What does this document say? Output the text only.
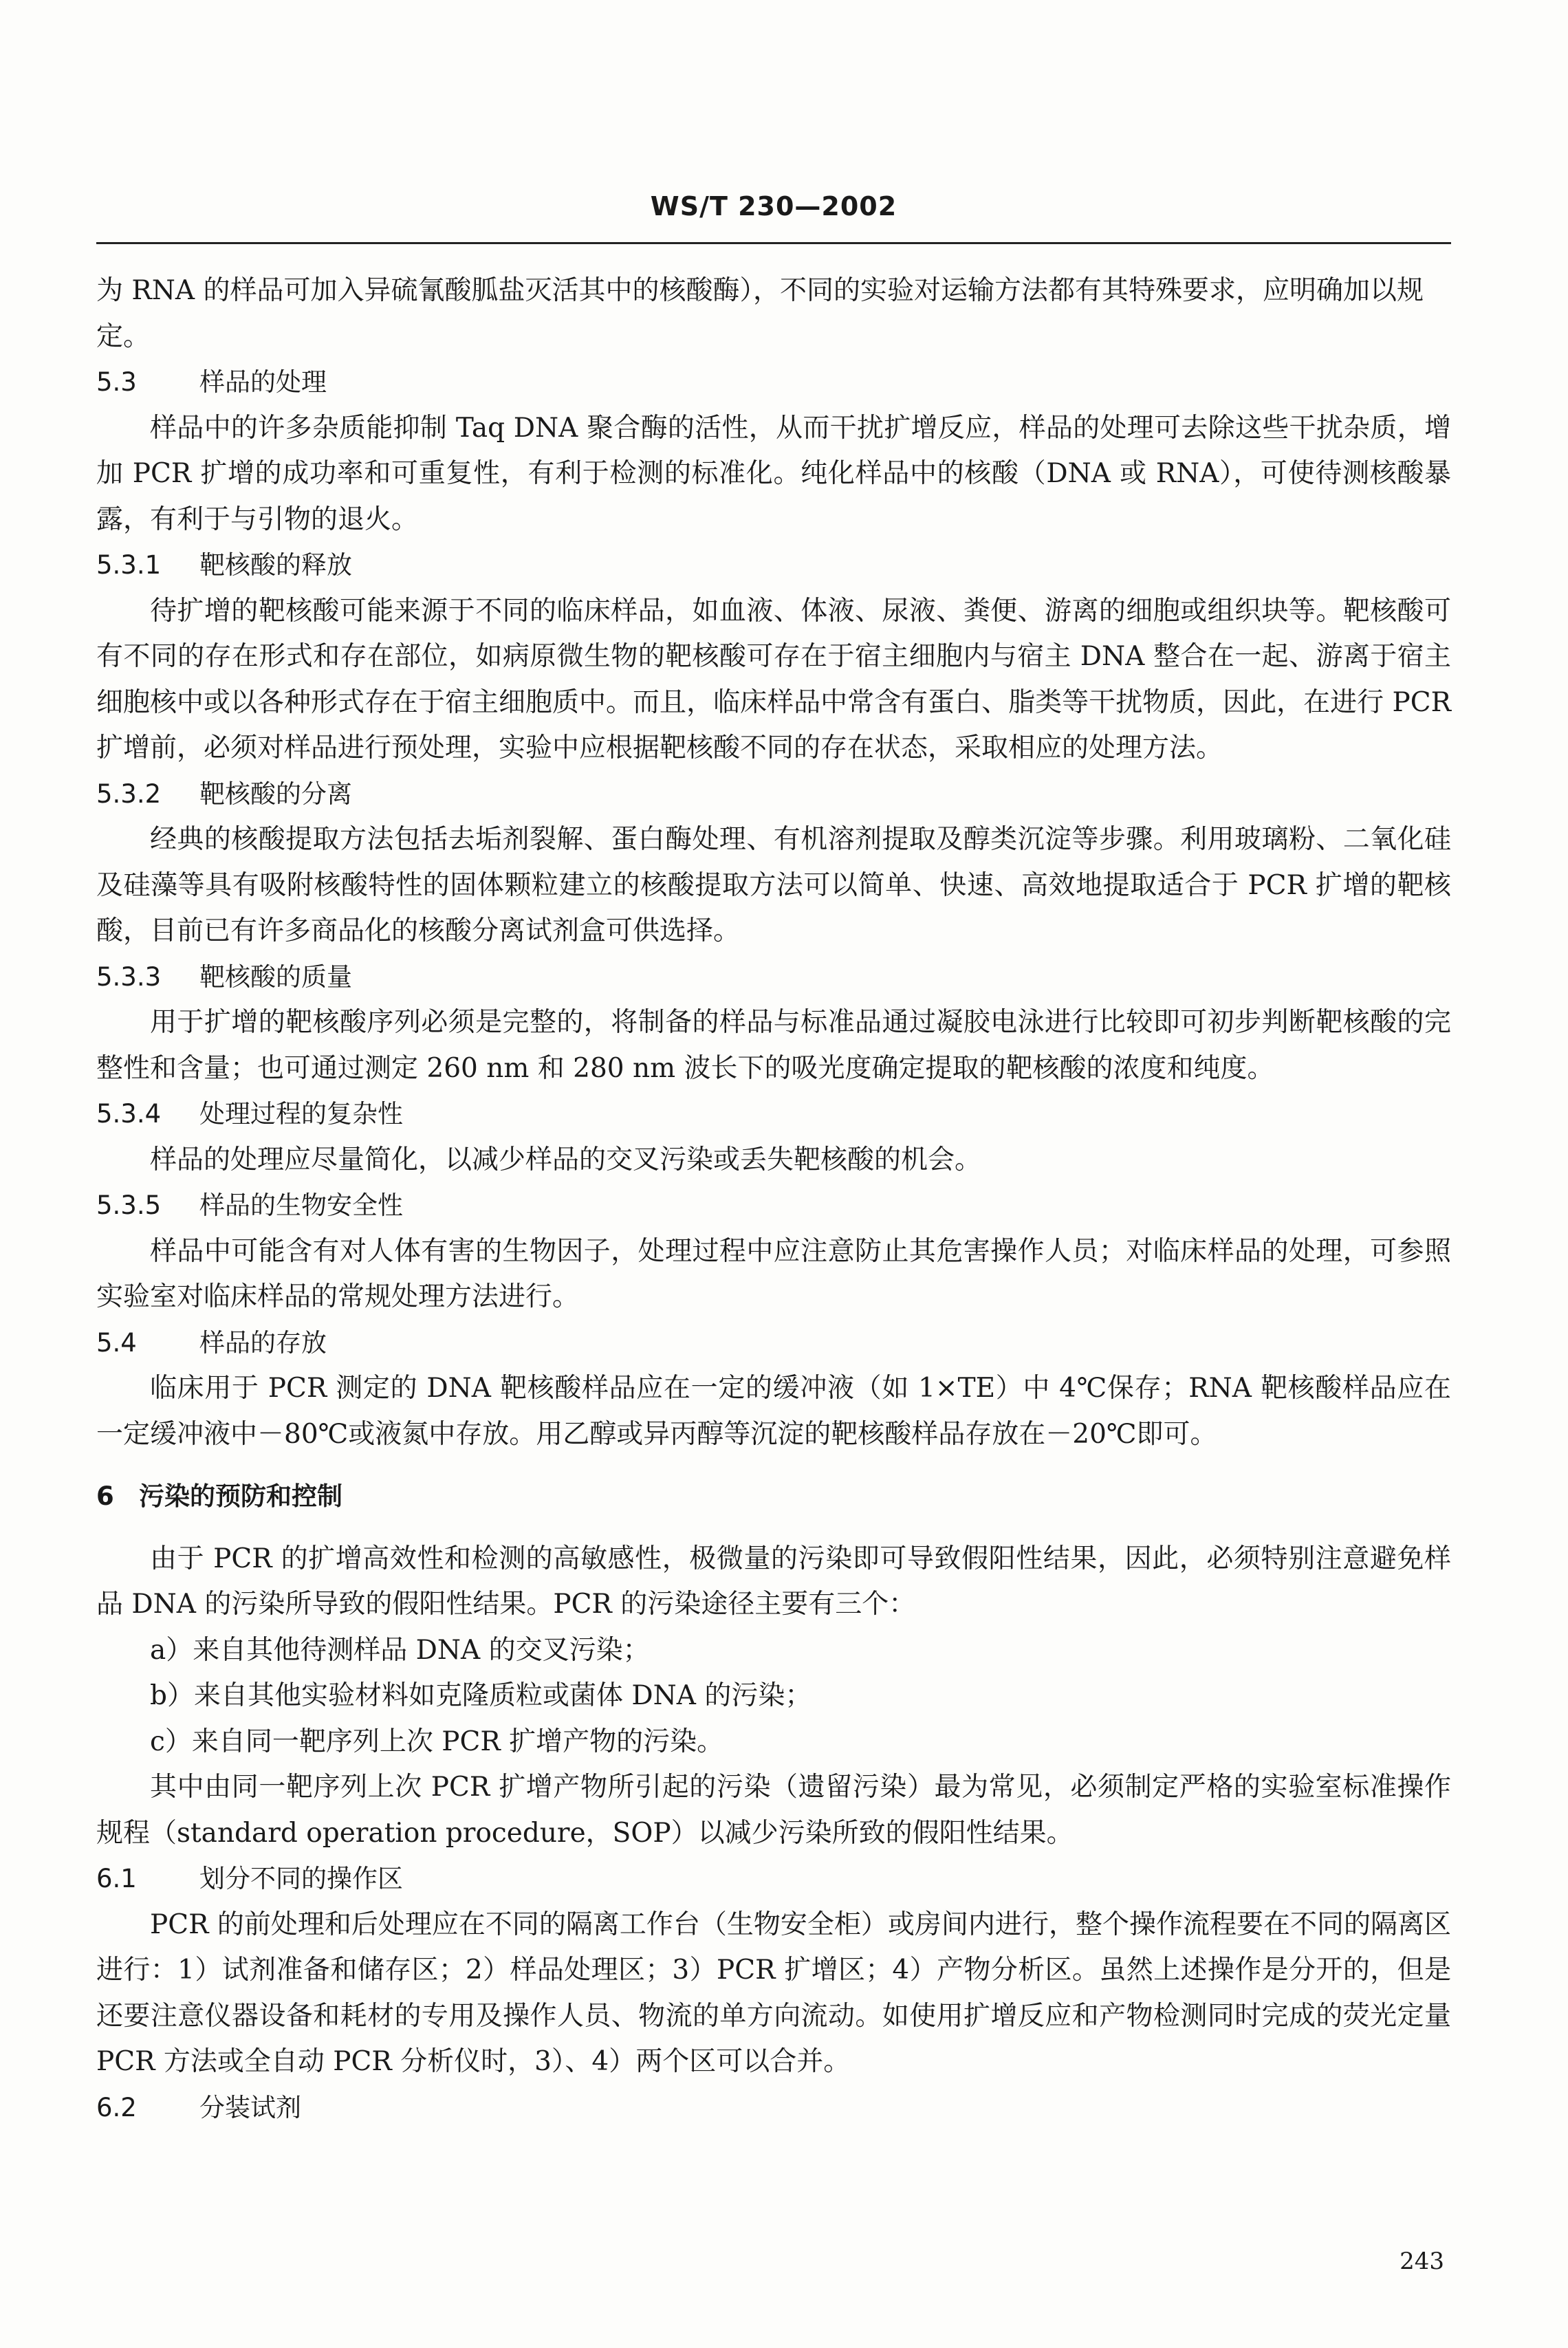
WS/T 230—2002

为 RNA 的样品可加入异硫氰酸胍盐灭活其中的核酸酶），不同的实验对运输方法都有其特殊要求，应明确加以规定。

5.3 样品的处理

样品中的许多杂质能抑制 Taq DNA 聚合酶的活性，从而干扰扩增反应，样品的处理可去除这些干扰杂质，增加 PCR 扩增的成功率和可重复性，有利于检测的标准化。纯化样品中的核酸（DNA 或 RNA），可使待测核酸暴露，有利于与引物的退火。

5.3.1 靶核酸的释放

待扩增的靶核酸可能来源于不同的临床样品，如血液、体液、尿液、粪便、游离的细胞或组织块等。靶核酸可有不同的存在形式和存在部位，如病原微生物的靶核酸可存在于宿主细胞内与宿主 DNA 整合在一起、游离于宿主细胞核中或以各种形式存在于宿主细胞质中。而且，临床样品中常含有蛋白、脂类等干扰物质，因此，在进行 PCR 扩增前，必须对样品进行预处理，实验中应根据靶核酸不同的存在状态，采取相应的处理方法。

5.3.2 靶核酸的分离

经典的核酸提取方法包括去垢剂裂解、蛋白酶处理、有机溶剂提取及醇类沉淀等步骤。利用玻璃粉、二氧化硅及硅藻等具有吸附核酸特性的固体颗粒建立的核酸提取方法可以简单、快速、高效地提取适合于 PCR 扩增的靶核酸，目前已有许多商品化的核酸分离试剂盒可供选择。

5.3.3 靶核酸的质量

用于扩增的靶核酸序列必须是完整的，将制备的样品与标准品通过凝胶电泳进行比较即可初步判断靶核酸的完整性和含量；也可通过测定 260 nm 和 280 nm 波长下的吸光度确定提取的靶核酸的浓度和纯度。

5.3.4 处理过程的复杂性

样品的处理应尽量简化，以减少样品的交叉污染或丢失靶核酸的机会。

5.3.5 样品的生物安全性

样品中可能含有对人体有害的生物因子，处理过程中应注意防止其危害操作人员；对临床样品的处理，可参照实验室对临床样品的常规处理方法进行。

5.4 样品的存放

临床用于 PCR 测定的 DNA 靶核酸样品应在一定的缓冲液（如 1×TE）中 4℃保存；RNA 靶核酸样品应在一定缓冲液中－80℃或液氮中存放。用乙醇或异丙醇等沉淀的靶核酸样品存放在－20℃即可。

6 污染的预防和控制

由于 PCR 的扩增高效性和检测的高敏感性，极微量的污染即可导致假阳性结果，因此，必须特别注意避免样品 DNA 的污染所导致的假阳性结果。PCR 的污染途径主要有三个：

a）来自其他待测样品 DNA 的交叉污染；

b）来自其他实验材料如克隆质粒或菌体 DNA 的污染；

c）来自同一靶序列上次 PCR 扩增产物的污染。

其中由同一靶序列上次 PCR 扩增产物所引起的污染（遗留污染）最为常见，必须制定严格的实验室标准操作规程（standard operation procedure，SOP）以减少污染所致的假阳性结果。

6.1 划分不同的操作区

PCR 的前处理和后处理应在不同的隔离工作台（生物安全柜）或房间内进行，整个操作流程要在不同的隔离区进行：1）试剂准备和储存区；2）样品处理区；3）PCR 扩增区；4）产物分析区。虽然上述操作是分开的，但是还要注意仪器设备和耗材的专用及操作人员、物流的单方向流动。如使用扩增反应和产物检测同时完成的荧光定量 PCR 方法或全自动 PCR 分析仪时，3）、4）两个区可以合并。

6.2 分装试剂

243
